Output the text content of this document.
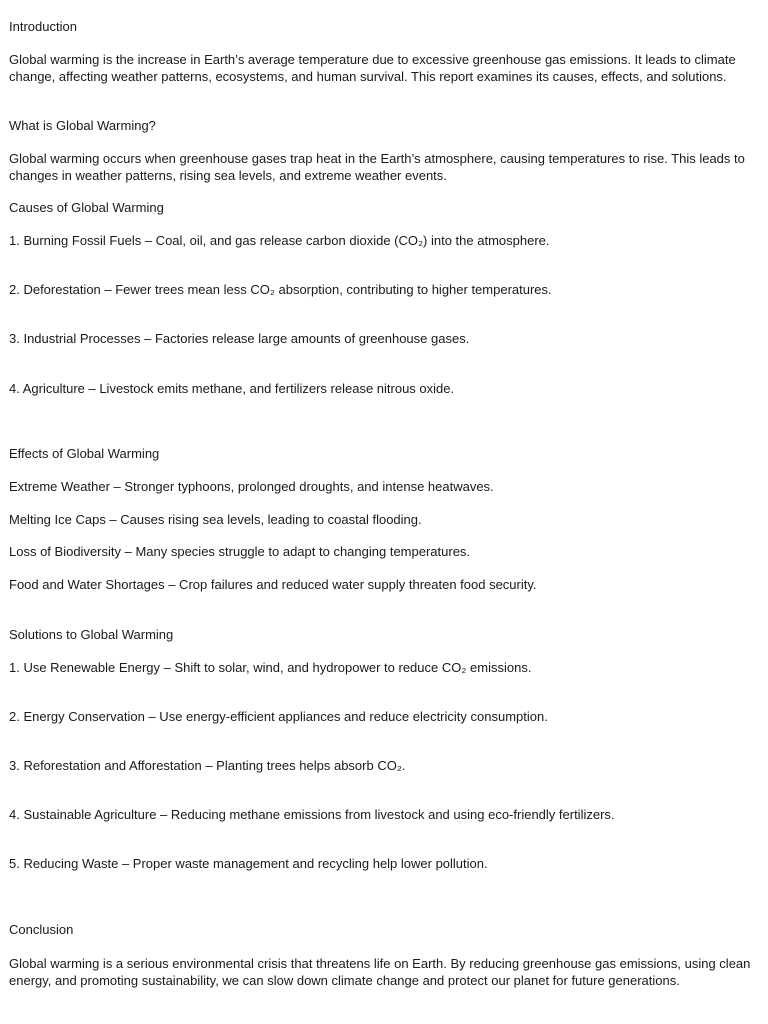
Introduction

Global warming is the increase in Earth’s average temperature due to excessive greenhouse gas emissions. It leads to climate change, affecting weather patterns, ecosystems, and human survival. This report examines its causes, effects, and solutions.

What is Global Warming?

Global warming occurs when greenhouse gases trap heat in the Earth’s atmosphere, causing temperatures to rise. This leads to changes in weather patterns, rising sea levels, and extreme weather events.

Causes of Global Warming

1. Burning Fossil Fuels – Coal, oil, and gas release carbon dioxide (CO₂) into the atmosphere.

2. Deforestation – Fewer trees mean less CO₂ absorption, contributing to higher temperatures.

3. Industrial Processes – Factories release large amounts of greenhouse gases.

4. Agriculture – Livestock emits methane, and fertilizers release nitrous oxide.

Effects of Global Warming

Extreme Weather – Stronger typhoons, prolonged droughts, and intense heatwaves.

Melting Ice Caps – Causes rising sea levels, leading to coastal flooding.

Loss of Biodiversity – Many species struggle to adapt to changing temperatures.

Food and Water Shortages – Crop failures and reduced water supply threaten food security.

Solutions to Global Warming

1. Use Renewable Energy – Shift to solar, wind, and hydropower to reduce CO₂ emissions.

2. Energy Conservation – Use energy-efficient appliances and reduce electricity consumption.

3. Reforestation and Afforestation – Planting trees helps absorb CO₂.

4. Sustainable Agriculture – Reducing methane emissions from livestock and using eco-friendly fertilizers.

5. Reducing Waste – Proper waste management and recycling help lower pollution.

Conclusion

Global warming is a serious environmental crisis that threatens life on Earth. By reducing greenhouse gas emissions, using clean energy, and promoting sustainability, we can slow down climate change and protect our planet for future generations.
